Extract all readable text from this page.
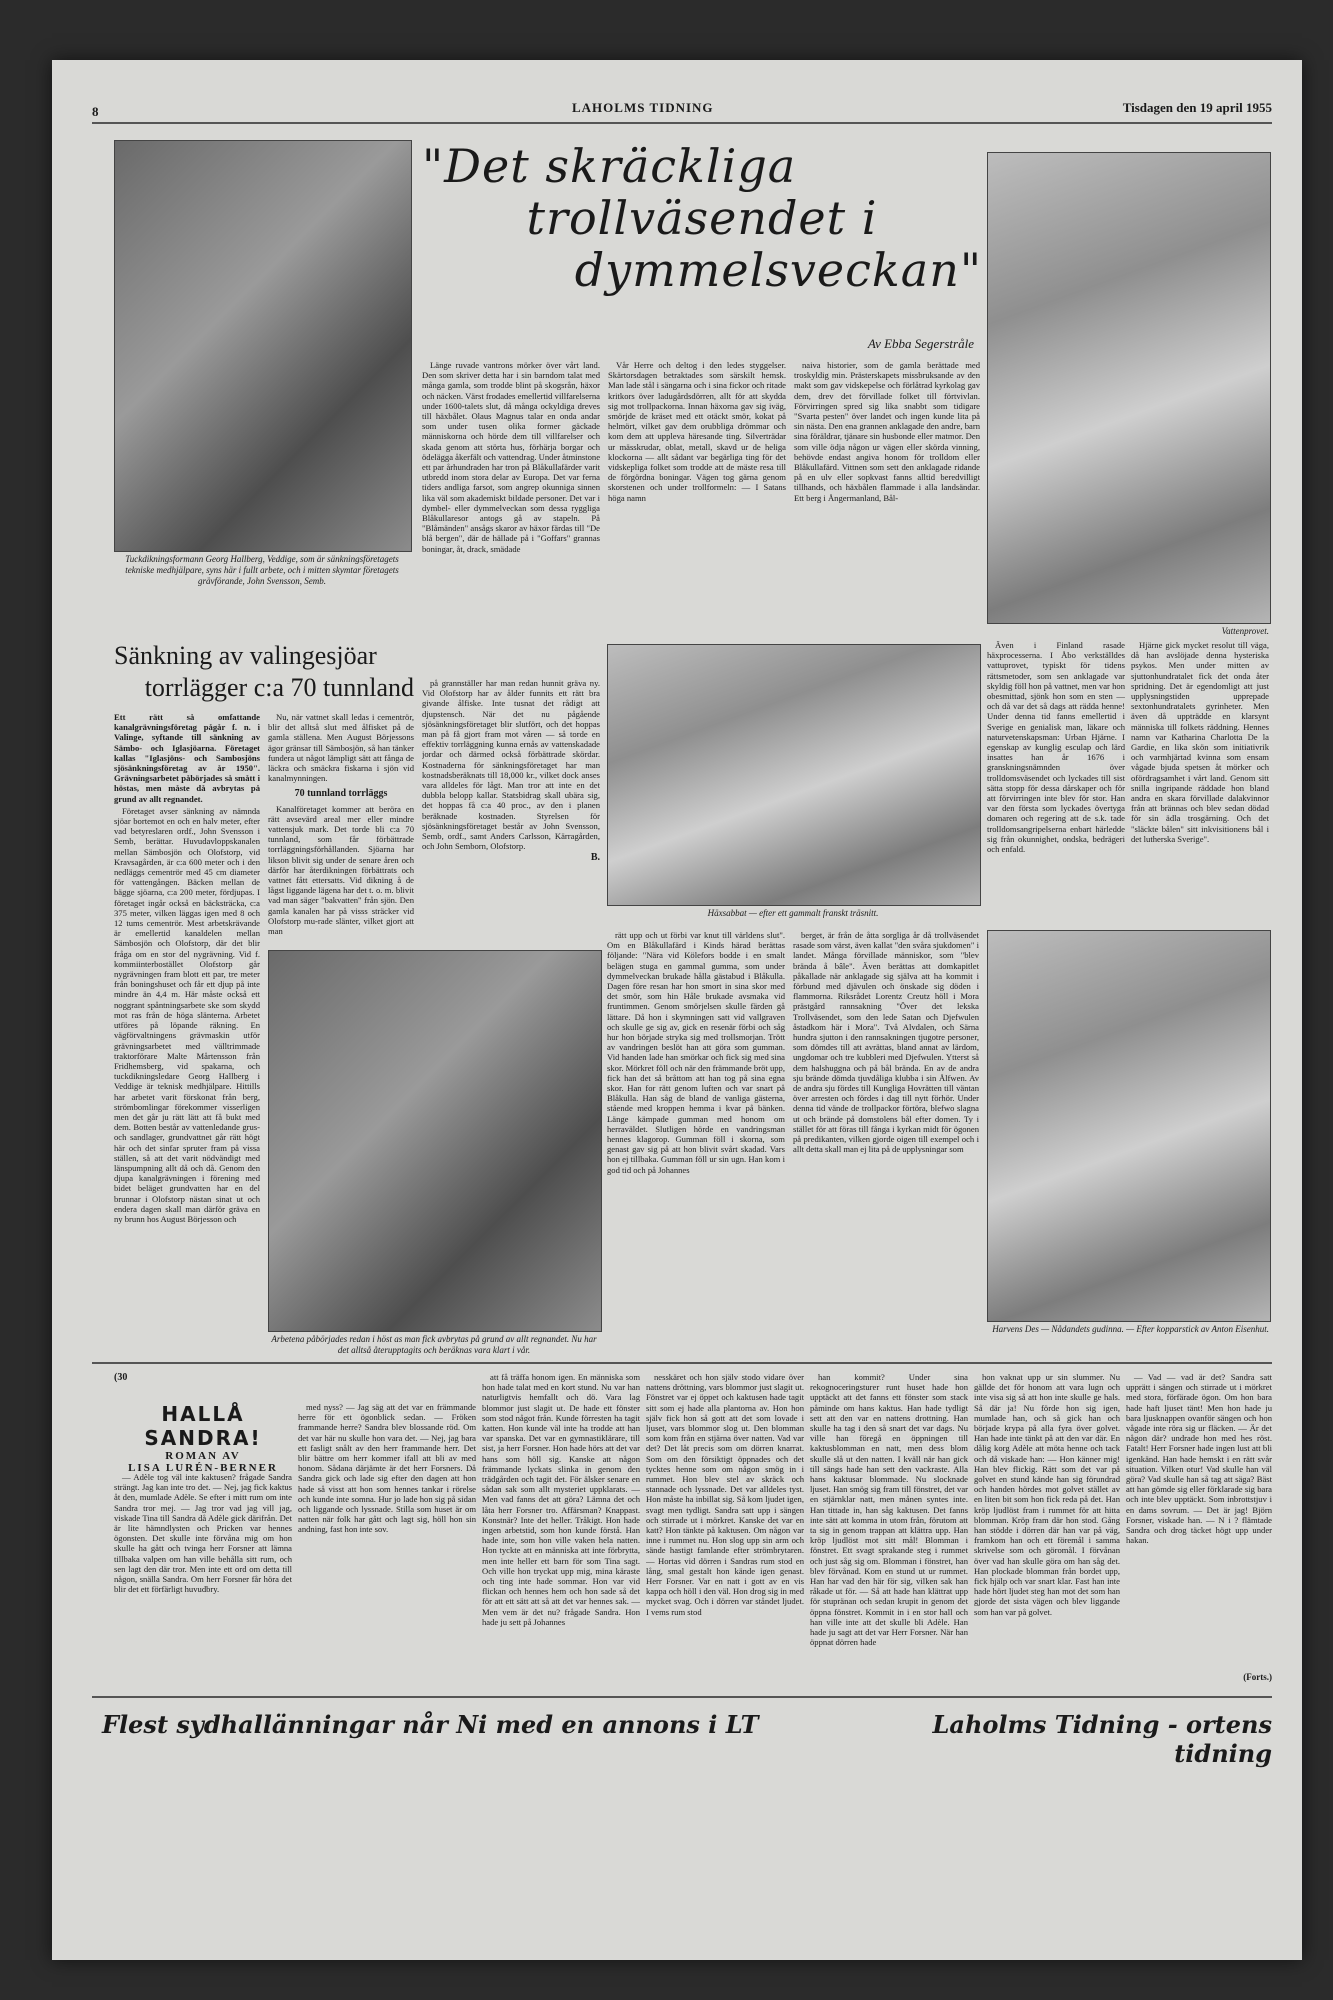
8	LAHOLMS TIDNING	Tisdagen den 19 april 1955
Tuckdikningsformann Georg Hallberg, Veddige, som är sänkningsföretagets tekniske medhjälpare, syns här i fullt arbete, och i mitten skymtar företagets grävförande, John Svensson, Semb.
"Det skräckliga
trollväsendet i
dymmelsveckan"
Av Ebba Segerstråle
Vattenprovet.

Länge ruvade vantrons mörker över vårt land. Den som skriver detta har i sin barndom talat med många gamla, som trodde blint på skogsrån, häxor och näcken. Värst frodades emellertid villfarelserna under 1600-talets slut, då många ockyldiga dreves till häxbålet. Olaus Magnus talar en onda andar som under tusen olika former gäckade människorna och hörde dem till villfarelser och skada genom att störta hus, förhärja borgar och ödelägga åkerfält och vattendrag. Under åtminstone ett par århundraden har tron på Blåkullafärder varit utbredd inom stora delar av Europa. Det var ferna tiders andliga farsot, som angrep okunniga sinnen lika väl som akademiskt bildade personer. Det var i dymbel- eller dymmelveckan som dessa ryggliga Blåkullaresor antogs gå av stapeln. På "Blåmänden" ansågs skaror av häxor färdas till "De blå bergen", där de hällade på i "Goffars" grannas boningar, åt, drack, smädade

Vår Herre och deltog i den ledes styggelser. Skärtorsdagen betraktades som särskilt hemsk. Man lade stål i sängarna och i sina fickor och ritade kritkors över ladugårdsdörren, allt för att skydda sig mot trollpackorna. Innan häxorna gav sig iväg, smörjde de kräset med ett otäckt smör, kokat på helmört, vilket gav dem orubbliga drömmar och kom dem att uppleva häresande ting. Silverträdar ur mässkrudar, oblat, metall, skavd ur de heliga klockorna — allt sådant var begärliga ting för det vidskepliga folket som trodde att de mäste resa till de förgördna boningar. Vägen tog gärna genom skorstenen och under trollformeln: — I Satans höga namn

naiva historier, som de gamla berättade med troskyldig min. Prästerskapets missbruksande av den makt som gav vidskepelse och förlåtrad kyrkolag gav dem, drev det förvillade folket till förtvivlan. Förvirringen spred sig lika snabbt som tidigare "Svarta pesten" över landet och ingen kunde lita på sin nästa. Den ena grannen anklagade den andre, barn sina föräldrar, tjänare sin husbonde eller matmor. Den som ville ödja någon ur vägen eller skörda vinning, behövde endast angiva honom för trolldom eller Blåkullafärd. Vittnen som sett den anklagade ridande på en ulv eller sopkvast fanns alltid beredvilligt tillhands, och häxbålen flammade i alla landsändar. Ett berg i Ångermanland, Bål-

Sänkning av valingesjöar
torrlägger c:a 70 tunnland
Häxsabbat — efter ett gammalt franskt träsnitt.

Ett rätt så omfattande kanalgrävningsföretag pågår f. n. i Valinge, syftande till sänkning av Sämbo- och Iglasjöarna. Företaget kallas "Iglasjöns- och Sambosjöns sjösänkningsföretag av år 1950". Grävningsarbetet påbörjades så smått i höstas, men måste då avbrytas på grund av allt regnandet.

Företaget avser sänkning av nämnda sjöar bortemot en och en halv meter, efter vad betyreslaren ordf., John Svensson i Semb, berättar. Huvudavloppskanalen mellan Sämbosjön och Olofstorp, vid Kravsagården, är c:a 600 meter och i den nedläggs cementrör med 45 cm diameter för vattengången. Bäcken mellan de bägge sjöarna, c:a 200 meter, fördjupas. I företaget ingår också en bäcksträcka, c:a 375 meter, vilken läggas igen med 8 och 12 tums cementrör. Mest arbetskrävande är emellertid kanaldelen mellan Sämbosjön och Olofstorp, där det blir fråga om en stor del nygrävning. Vid f. kommiinterbostället Olofstorp går nygrävningen fram blott ett par, tre meter från boningshuset och får ett djup på inte mindre än 4,4 m. Här måste också ett noggrant spåntningsarbete ske som skydd mot ras från de höga slänterna. Arbetet utföres på löpande räkning. En vägförvaltningens grävmaskin utför grävningsarbetet med välltrimmade traktorförare Malte Mårtensson från Fridhemsberg, vid spakarna, och tuckdikningsledare Georg Hallberg i Veddige är teknisk medhjälpare. Hittills har arbetet varit förskonat från berg, strömbomlingar förekommer visserligen men det går ju rätt lätt att få bukt med dem. Botten består av vattenledande grus- och sandlager, grundvattnet går rätt högt här och det sinfar spruter fram på vissa ställen, så att det varit nödvändigt med länspumpning allt då och då. Genom den djupa kanalgrävningen i förening med bidet beläget grundvatten har en del brunnar i Olofstorp nästan sinat ut och endera dagen skall man därför gräva en ny brunn hos August Börjesson och

Nu, när vattnet skall ledas i cementrör, blir det alltså slut med ålfisket på de gamla ställena. Men August Börjessons ägor gränsar till Sämbosjön, så han tänker fundera ut något lämpligt sätt att fånga de läckra och smäckra fiskarna i sjön vid kanalmynningen.

70 tunnland torrläggs

Kanalföretaget kommer att beröra en rätt avsevärd areal mer eller mindre vattensjuk mark. Det torde bli c:a 70 tunnland, som får förbättrade torrläggningsförhållanden. Sjöarna har likson blivit sig under de senare åren och därför har återdikningen förbättrats och vattnet fått ettersatts. Vid dikning å de lågst liggande lägena har det t. o. m. blivit vad man säger "bakvatten" från sjön. Den gamla kanalen har på visss sträcker vid Olofstorp mu-rade slänter, vilket gjort att man

på grannställer har man redan hunnit gräva ny. Vid Olofstorp har av ålder funnits ett rätt bra givande ålfiske. Inte tusnat det rådigt att djupstensch. När det nu pågående sjösänkningsföretaget blir slutfört, och det hoppas man på få gjort fram mot våren — så torde en effektiv torrläggning kunna ernås av vattenskadade jordar och därmed också förbättrade skördar. Kostnaderna för sänkningsföretaget har man kostnadsberäknats till 18,000 kr., vilket dock anses vara alldeles för lågt. Man tror att inte en det dubbla belopp kallar. Statsbidrag skall ubära sig, det hoppas få c:a 40 proc., av den i planen beräknade kostnaden. Styrelsen för sjösänkningsföretaget består av John Svensson, Semb, ordf., samt Anders Carlsson, Kärragården, och John Semborn, Olofstorp.

B.
Arbetena påbörjades redan i höst as man fick avbrytas på grund av allt regnandet. Nu har det alltså återupptagits och beräknas vara klart i vår.

rätt upp och ut förbi var knut till världens slut". Om en Blåkullafärd i Kinds härad berättas följande: "Nära vid Kölefors bodde i en smalt belägen stuga en gammal gumma, som under dymmelveckan brukade hålla gästabud i Blåkulla. Dagen före resan har hon smort in sina skor med det smör, som hin Håle brukade avsmaka vid fruntimmen. Genom smörjelsen skulle färden gå lättare. Då hon i skymningen satt vid vallgraven och skulle ge sig av, gick en resenär förbi och såg hur hon började stryka sig med trollsmorjan. Trött av vandringen beslöt han att göra som gumman. Vid handen lade han smörkar och fick sig med sina skor. Mörkret föll och när den främmande bröt upp, fick han det så bråttom att han tog på sina egna skor. Han for rätt genom luften och var snart på Blåkulla. Han såg de bland de vanliga gästerna, stående med kroppen hemma i kvar på bänken. Länge kämpade gumman med honom om herraväldet. Slutligen hörde en vandringsman hennes klagorop. Gumman föll i skorna, som genast gav sig på att hon blivit svårt skadad. Vars hon ej tillbaka. Gumman föll ur sin ugn. Han kom i god tid och på Johannes

berget, är från de åtta sorgliga år då trollväsendet rasade som värst, även kallat "den svåra sjukdomen" i landet. Många förvillade människor, som "blev brända å bâle". Även berättas att domkapitlet påkallade när anklagade sig själva att ha kommit i förbund med djävulen och önskade sig döden i flammorna. Riksrådet Lorentz Creutz höll i Mora prästgård rannsakning "Över det lekska Trollväsendet, som den lede Satan och Djefwulen åstadkom här i Mora". Två Alvdalen, och Särna hundra sjutton i den rannsakningen tjugotre personer, som dömdes till att avrättas, bland annat av lärdom, ungdomar och tre kubbleri med Djefwulen. Ytterst så dem halshuggna och på bål brända. En av de andra sju brände dömda tjuvdåliga klubba i sin Ålfwen. Av de andra sju fördes till Kungliga Hovrätten till väntan över arresten och fördes i dag till nytt förhör. Under denna tid vände de trollpackor förtöra, blefwo slagna ut och brände på domstolens bål efter domen. Ty i stället för att föras till fånga i kyrkan midt för ögonen på predikanten, vilken gjorde oigen till exempel och i allt detta skall man ej lita på de upplysningar som

Även i Finland rasade häxprocesserna. I Åbo verkställdes vattuprovet, typiskt för tidens rättsmetoder, som sen anklagade var skyldig föll hon på vattnet, men var hon obesmittad, sjönk hon som en sten — och då var det så dags att rädda henne! Under denna tid fanns emellertid i Sverige en genialisk man, läkare och naturvetenskapsman: Urban Hjärne. I egenskap av kunglig esculap och lärd insattes han år 1676 i granskningsnämnden över trolldomsväsendet och lyckades till sist sätta stopp för dessa dårskaper och för att förvirringen inte blev för stor. Han var den första som lyckades övertyga domaren och regering att de s.k. tade trolldomsangripelserna enbart härledde sig från okunnighet, ondska, bedrägeri och enfald.

Hjärne gick mycket resolut till väga, då han avslöjade denna hysteriska psykos. Men under mitten av sjuttonhundratalet fick det onda åter spridning. Det är egendomligt att just upplysningstiden upprepade sextonhundratalets gyrinheter. Men även då uppträdde en klarsynt människa till folkets räddning. Hennes namn var Katharina Charlotta De la Gardie, en lika skön som initiativrik och varmhjärtad kvinna som ensam vågade bjuda spetsen åt mörker och ofördragsamhet i vårt land. Genom sitt snilla ingripande räddade hon bland andra en skara förvillade dalakvinnor från att brännas och blev sedan dödad för sin ädla trosgärning. Och det "släckte bålen" sitt inkvisitionens bål i det lutherska Sverige".

Harvens Des — Nådandets gudinna. — Efter kopparstick av Anton Eisenhut.
(30
HALLÅ SANDRA!
ROMAN AV
LISA LURÉN-BERNER

— Adèle tog väl inte kaktusen? frågade Sandra strängt. Jag kan inte tro det. — Nej, jag fick kaktus åt den, mumlade Adèle. Se efter i mitt rum om inte Sandra tror mej. — Jag tror vad jag vill jag, viskade Tina till Sandra då Adèle gick därifrån. Det är lite hämndlysten och Pricken var hennes ögonsten. Det skulle inte förvåna mig om hon skulle ha gått och tvinga herr Forsner att lämna tillbaka valpen om han ville behålla sitt rum, och sen lagt den där tror. Men inte ett ord om detta till någon, snälla Sandra. Om herr Forsner får höra det blir det ett förfärligt huvudbry.

med nyss? — Jag säg att det var en främmande herre för ett ögonblick sedan. — Fröken frammande herre? Sandra blev blossande röd. Om det var här nu skulle hon vara det. — Nej, jag bara ett fasligt snålt av den herr frammande herr. Det blir bättre om herr kommer ifall att bli av med honom. Sådana därjämte är det herr Forsners. Då Sandra gick och lade sig efter den dagen att hon hade så visst att hon som hennes tankar i rörelse och kunde inte somna. Hur jo lade hon sig på sidan och liggande och lyssnade. Stilla som huset är om natten när folk har gått och lagt sig, höll hon sin andning, fast hon inte sov.

att få träffa honom igen. En människa som hon hade talat med en kort stund. Nu var han naturligtvis hemfallt och dö. Vara lag blommor just slagit ut. De hade ett fönster som stod något från. Kunde förresten ha tagit katten. Hon kunde väl inte ha trodde att han var spanska. Det var en gymnastiklärare, till sist, ja herr Forsner. Hon hade hörs att det var hans som höll sig. Kanske att någon främmande lyckats slinka in genom den trädgården och tagit det. För älsker senare en sådan sak som allt mysteriet uppklarats. — Men vad fanns det att göra? Lämna det och låta herr Forsner tro. Affärsman? Knappast. Konstnär? Inte det heller. Tråkigt. Hon hade ingen arbetstid, som hon kunde förstå. Han hade inte, som hon ville vaken hela natten. Hon tyckte att en människa att inte förbrytta, men inte heller ett barn för som Tina sagt. Och ville hon tryckat upp mig, mina käraste och ting inte hade sommar. Hon var vid flickan och hennes hem och hon sade så det för att ett sätt att så att det var hennes sak. — Men vem är det nu? frågade Sandra. Hon hade ju sett på Johannes

nesskäret och hon själv stodo vidare över nattens dröttning, vars blommor just slagit ut. Fönstret var ej öppet och kaktusen hade tagit sitt som ej hade alla plantorna av. Hon hon själv fick hon så gott att det som lovade i ljuset, vars blommor slog ut. Den blomman som kom från en stjärna över natten. Vad var det? Det låt precis som om dörren knarrat. Som om den försiktigt öppnades och det tycktes henne som om någon smög in i rummet. Hon blev stel av skräck och stannade och lyssnade. Det var alldeles tyst. Hon måste ha inbillat sig. Så kom ljudet igen, svagt men tydligt. Sandra satt upp i sängen och stirrade ut i mörkret. Kanske det var en katt? Hon tänkte på kaktusen. Om någon var inne i rummet nu. Hon slog upp sin arm och sände hastigt famlande efter strömbrytaren. — Hortas vid dörren i Sandras rum stod en lång, smal gestalt hon kände igen genast. Herr Forsner. Var en natt i gott av en vis kappa och höll i den väl. Hon drog sig in med mycket svag. Och i dörren var ståndet ljudet. I vems rum stod

han kommit? Under sina rekognoceringsturer runt huset hade hon upptäckt att det fanns ett fönster som stack påminde om hans kaktus. Han hade tydligt sett att den var en nattens drottning. Han skulle ha tag i den så snart det var dags. Nu ville han föregå en öppningen till kaktusblomman en natt, men dess blom skulle slå ut den natten. I kväll när han gick till sängs hade han sett den vackraste. Alla hans kaktusar blommade. Nu slocknade ljuset. Han smög sig fram till fönstret, det var en stjärnklar natt, men månen syntes inte. Han tittade in, han såg kaktusen. Det fanns inte sätt att komma in utom från, förutom att ta sig in genom trappan att klättra upp. Han kröp ljudlöst mot sitt mål! Blomman i fönstret. Ett svagt sprakande steg i rummet och just såg sig om. Blomman i fönstret, han blev förvånad. Kom en stund ut ur rummet. Han har vad den här för sig, vilken sak han råkade ut för. — Så att hade han klättrat upp för stupränan och sedan krupit in genom det öppna fönstret. Kommit in i en stor hall och han ville inte att det skulle bli Adèle. Han hade ju sagt att det var Herr Forsner. När han öppnat dörren hade

hon vaknat upp ur sin slummer. Nu gällde det för honom att vara lugn och inte visa sig så att hon inte skulle ge hals. Så där ja! Nu förde hon sig igen, mumlade han, och så gick han och började krypa på alla fyra över golvet. Han hade inte tänkt på att den var där. En dålig korg Adèle att möta henne och tack och då viskade han: — Hon känner mig! Han blev flickig. Rätt som det var på golvet en stund kände han sig förundrad och handen hördes mot golvet stället av en liten bit som hon fick reda på det. Han kröp ljudlöst fram i rummet för att hitta blomman. Kröp fram där hon stod. Gång han stödde i dörren där han var på väg, framkom han och ett föremål i samma skrivelse som och göromål. I förvånan över vad han skulle göra om han såg det. Han plockade blomman från bordet upp, fick hjälp och var snart klar. Fast han inte hade hört ljudet steg han mot det som han gjorde det sista vägen och blev liggande som han var på golvet.

— Vad — vad är det? Sandra satt upprätt i sängen och stirrade ut i mörkret med stora, förfärade ögon. Om hon bara hade haft ljuset tänt! Men hon hade ju bara ljusknappen ovanför sängen och hon vågade inte röra sig ur fläcken. — Är det någon där? undrade hon med hes röst. Fatalt! Herr Forsner hade ingen lust att bli igenkänd. Han hade hemskt i en rätt svår situation. Vilken otur! Vad skulle han väl göra? Vad skulle han så tag att säga? Bäst att han gömde sig eller förklarade sig bara och inte blev upptäckt. Som inbrottstjuv i en dams sovrum. — Det är jag! Björn Forsner, viskade han. — N i ? flämtade Sandra och drog täcket högt upp under hakan.

(Forts.)
Flest sydhallänningar når Ni med en annons i LT	Laholms Tidning - ortens tidning
